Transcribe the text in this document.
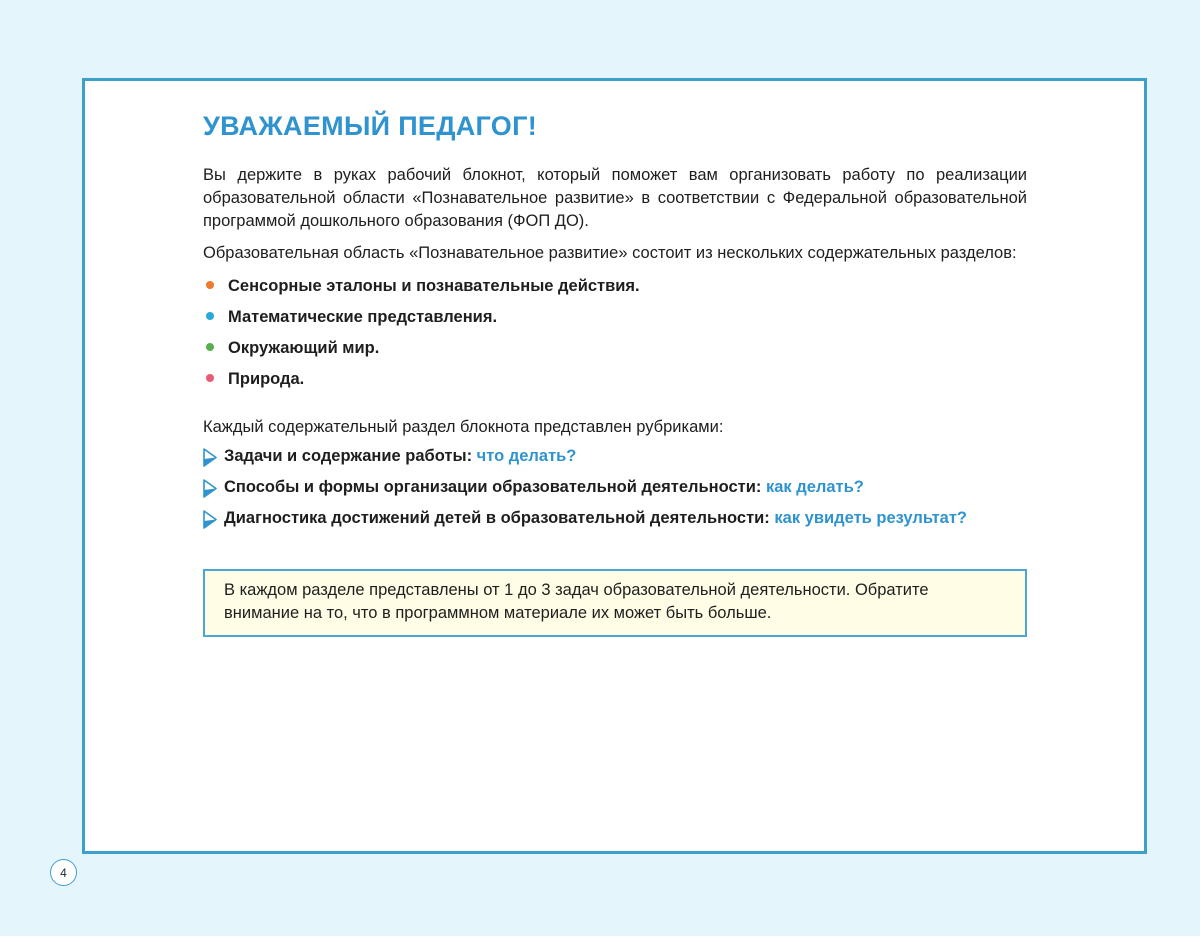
УВАЖАЕМЫЙ ПЕДАГОГ!

Вы держите в руках рабочий блокнот, который поможет вам организовать работу по реализации образовательной области «Познавательное развитие» в соответствии с Федеральной образовательной программой дошкольного образования (ФОП ДО).

Образовательная область «Познавательное развитие» состоит из нескольких содержательных разделов:

Сенсорные эталоны и познавательные действия.
Математические представления.
Окружающий мир.
Природа.

Каждый содержательный раздел блокнота представлен рубриками:

Задачи и содержание работы: что делать?
Способы и формы организации образовательной деятельности: как делать?
Диагностика достижений детей в образовательной деятельности: как увидеть результат?
В каждом разделе представлены от 1 до 3 задач образовательной деятельности. Обратите внимание на то, что в программном материале их может быть больше.
4
